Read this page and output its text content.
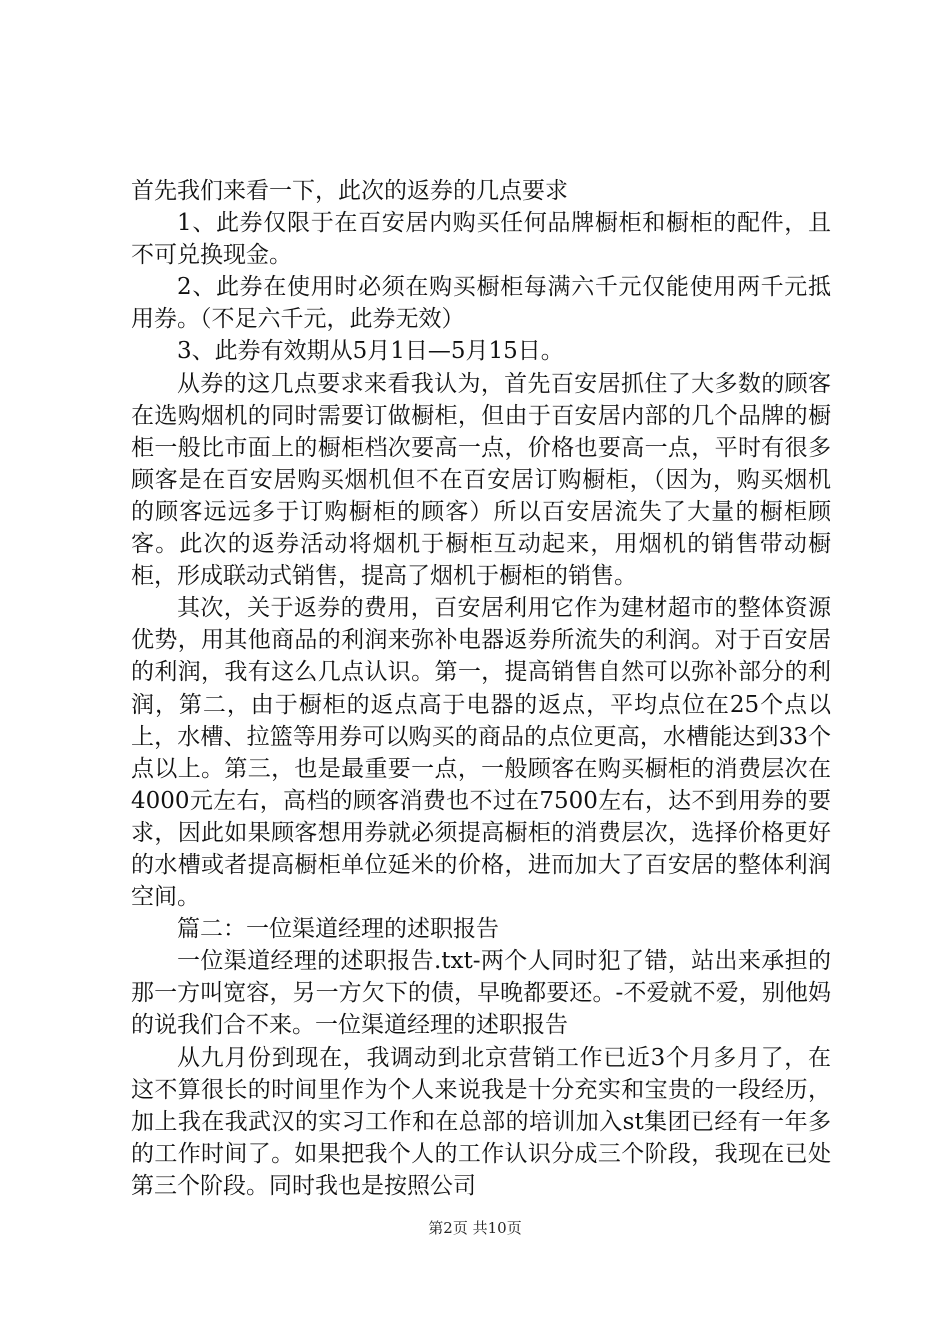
首先我们来看一下，此次的返券的几点要求

1、此券仅限于在百安居内购买任何品牌橱柜和橱柜的配件，且不可兑换现金。

2、此券在使用时必须在购买橱柜每满六千元仅能使用两千元抵用券。（不足六千元，此券无效）

3、此券有效期从5月1日—5月15日。

从券的这几点要求来看我认为，首先百安居抓住了大多数的顾客在选购烟机的同时需要订做橱柜，但由于百安居内部的几个品牌的橱柜一般比市面上的橱柜档次要高一点，价格也要高一点，平时有很多顾客是在百安居购买烟机但不在百安居订购橱柜，（因为，购买烟机的顾客远远多于订购橱柜的顾客）所以百安居流失了大量的橱柜顾客。此次的返券活动将烟机于橱柜互动起来，用烟机的销售带动橱柜，形成联动式销售，提高了烟机于橱柜的销售。

其次，关于返券的费用，百安居利用它作为建材超市的整体资源优势，用其他商品的利润来弥补电器返券所流失的利润。对于百安居的利润，我有这么几点认识。第一，提高销售自然可以弥补部分的利润，第二，由于橱柜的返点高于电器的返点，平均点位在25个点以上，水槽、拉篮等用券可以购买的商品的点位更高，水槽能达到33个点以上。第三，也是最重要一点，一般顾客在购买橱柜的消费层次在4000元左右，高档的顾客消费也不过在7500左右，达不到用券的要求，因此如果顾客想用券就必须提高橱柜的消费层次，选择价格更好的水槽或者提高橱柜单位延米的价格，进而加大了百安居的整体利润空间。

篇二：一位渠道经理的述职报告

一位渠道经理的述职报告.txt-两个人同时犯了错，站出来承担的那一方叫宽容，另一方欠下的债，早晚都要还。-不爱就不爱，别他妈的说我们合不来。一位渠道经理的述职报告

从九月份到现在，我调动到北京营销工作已近3个月多月了，在这不算很长的时间里作为个人来说我是十分充实和宝贵的一段经历，加上我在我武汉的实习工作和在总部的培训加入st集团已经有一年多的工作时间了。如果把我个人的工作认识分成三个阶段，我现在已处第三个阶段。同时我也是按照公司

第2页 共10页
